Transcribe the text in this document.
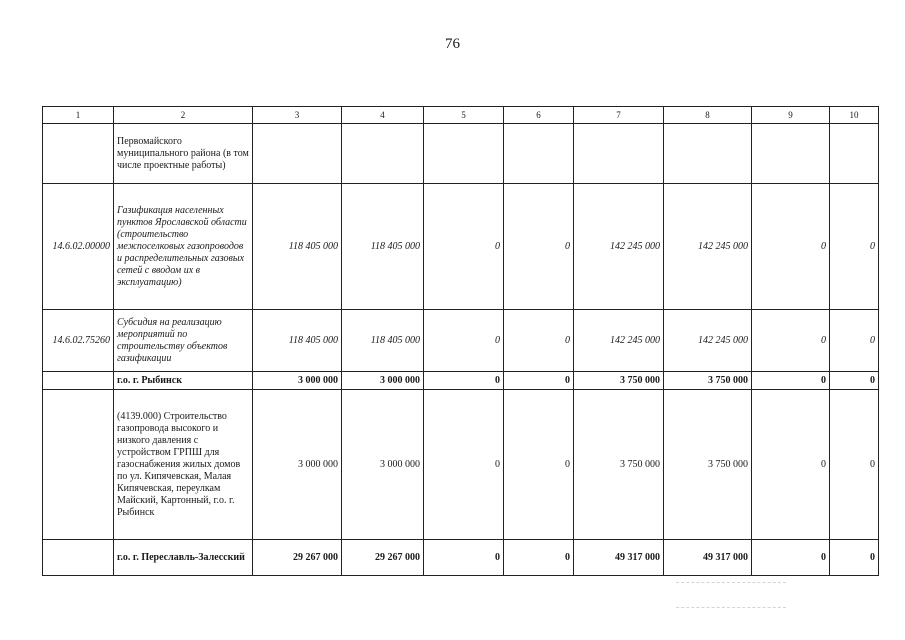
76
1	2	3	4	5	6	7	8	9	10
	Первомайского муниципального района (в том числе проектные работы)								
14.6.02.00000	Газификация населенных пунктов Ярославской области (строительство межпоселковых газопроводов и распределительных газовых сетей с вводом их в эксплуатацию)	118 405 000	118 405 000	0	0	142 245 000	142 245 000	0	0
14.6.02.75260	Субсидия на реализацию мероприятий по строительству объектов газификации	118 405 000	118 405 000	0	0	142 245 000	142 245 000	0	0
	г.о. г. Рыбинск	3 000 000	3 000 000	0	0	3 750 000	3 750 000	0	0
	(4139.000) Строительство газопровода высокого и низкого давления с устройством ГРПШ для газоснабжения жилых домов по ул. Кипячевская, Малая Кипячевская, переулкам Майский, Картонный, г.о. г. Рыбинск	3 000 000	3 000 000	0	0	3 750 000	3 750 000	0	0
	г.о. г. Переславль-Залесский	29 267 000	29 267 000	0	0	49 317 000	49 317 000	0	0
